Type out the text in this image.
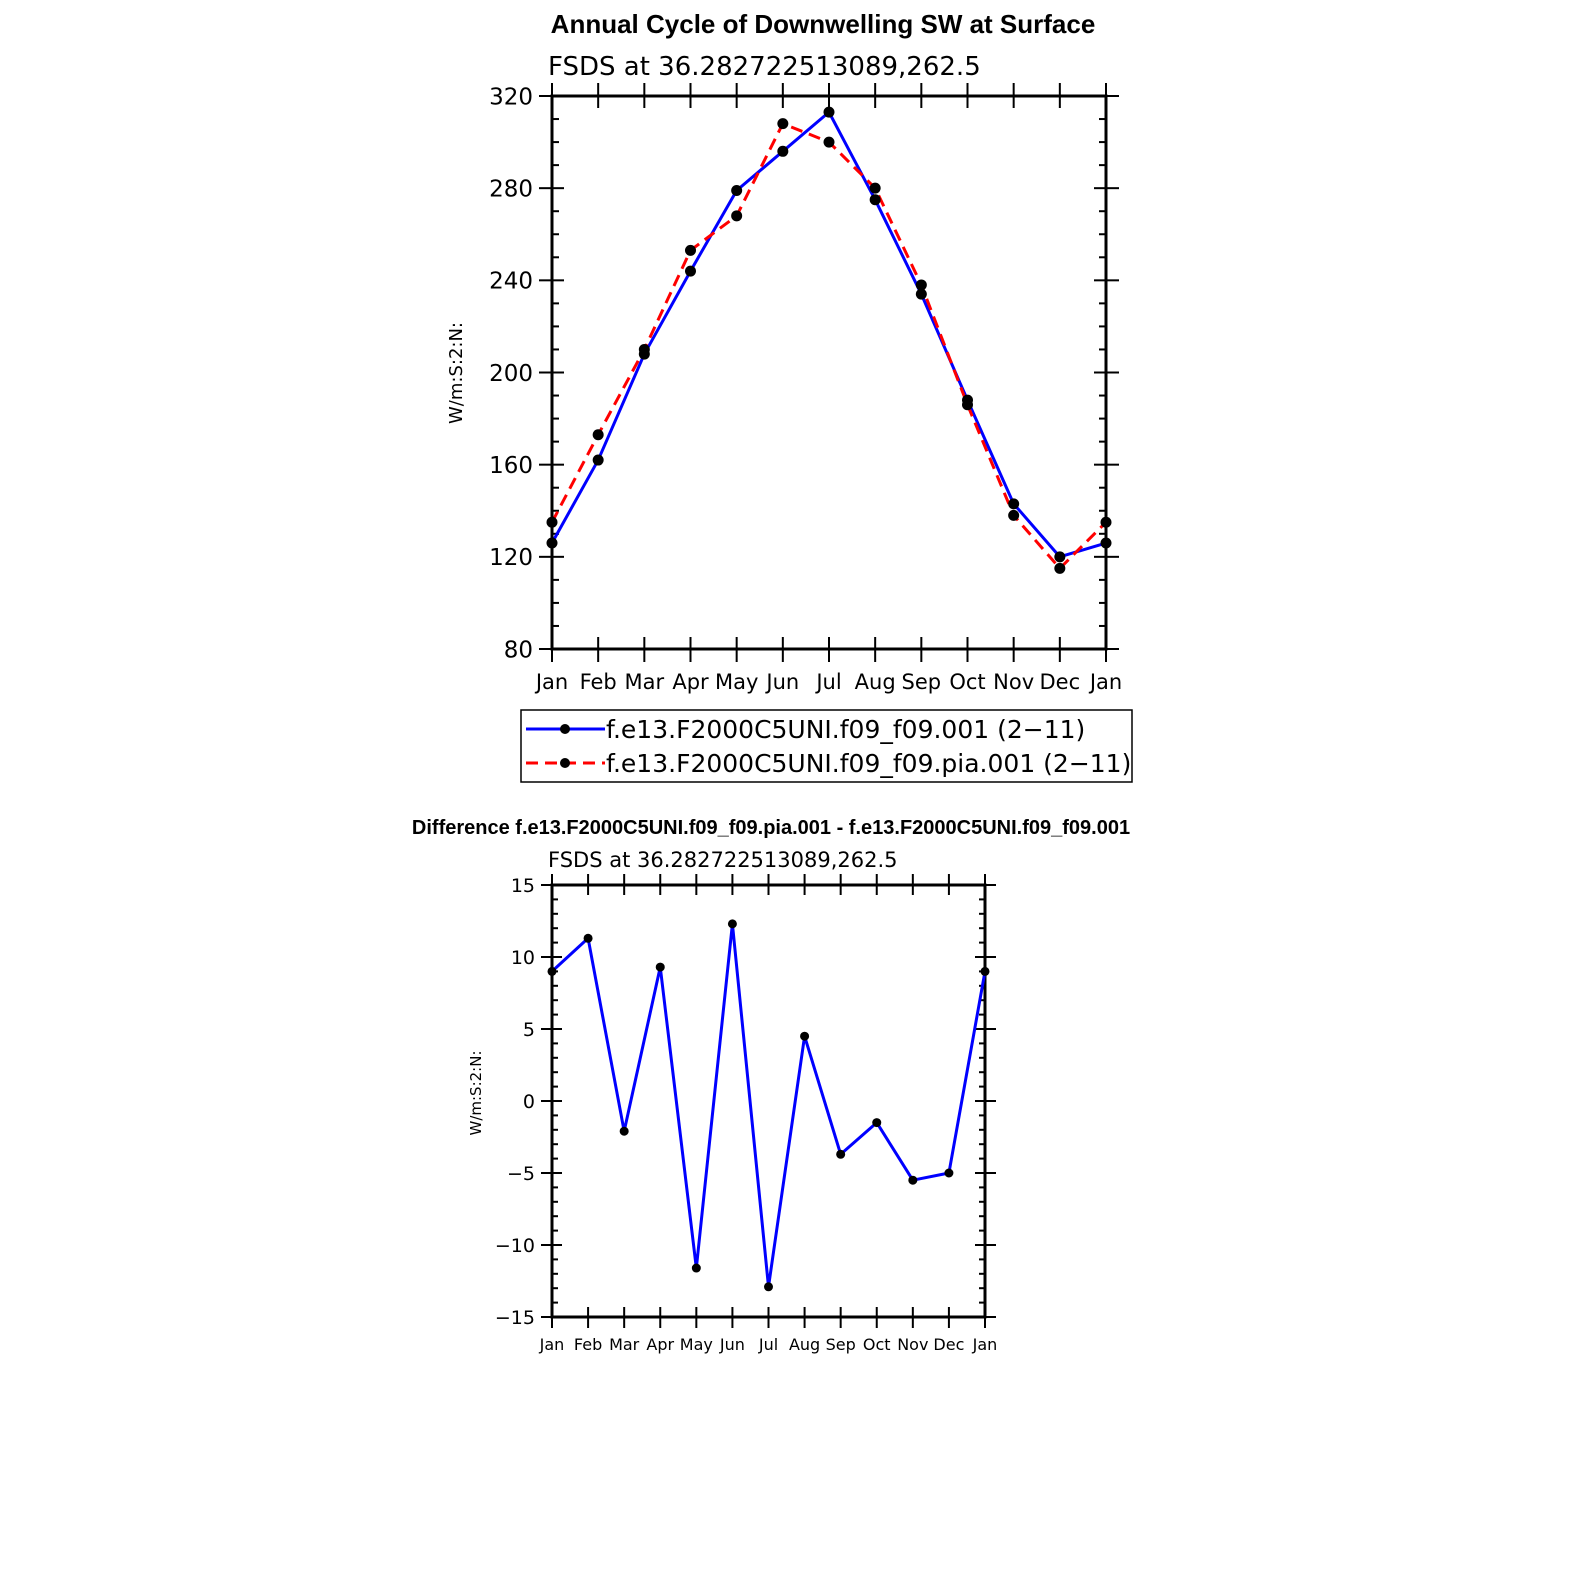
Annual Cycle of Downwelling SW at Surface
FSDS at 36.282722513089,262.5
W/m:S:2:N:
80
120
160
200
240
280
320
Jan Feb Mar Apr May Jun Jul Aug Sep Oct Nov Dec Jan
f.e13.F2000C5UNI.f09_f09.001 (2−11)
f.e13.F2000C5UNI.f09_f09.pia.001 (2−11)
Difference f.e13.F2000C5UNI.f09_f09.pia.001 - f.e13.F2000C5UNI.f09_f09.001
FSDS at 36.282722513089,262.5
W/m:S:2:N:
−15
−10
−5
0
5
10
15
Jan Feb Mar Apr May Jun Jul Aug Sep Oct Nov Dec Jan
